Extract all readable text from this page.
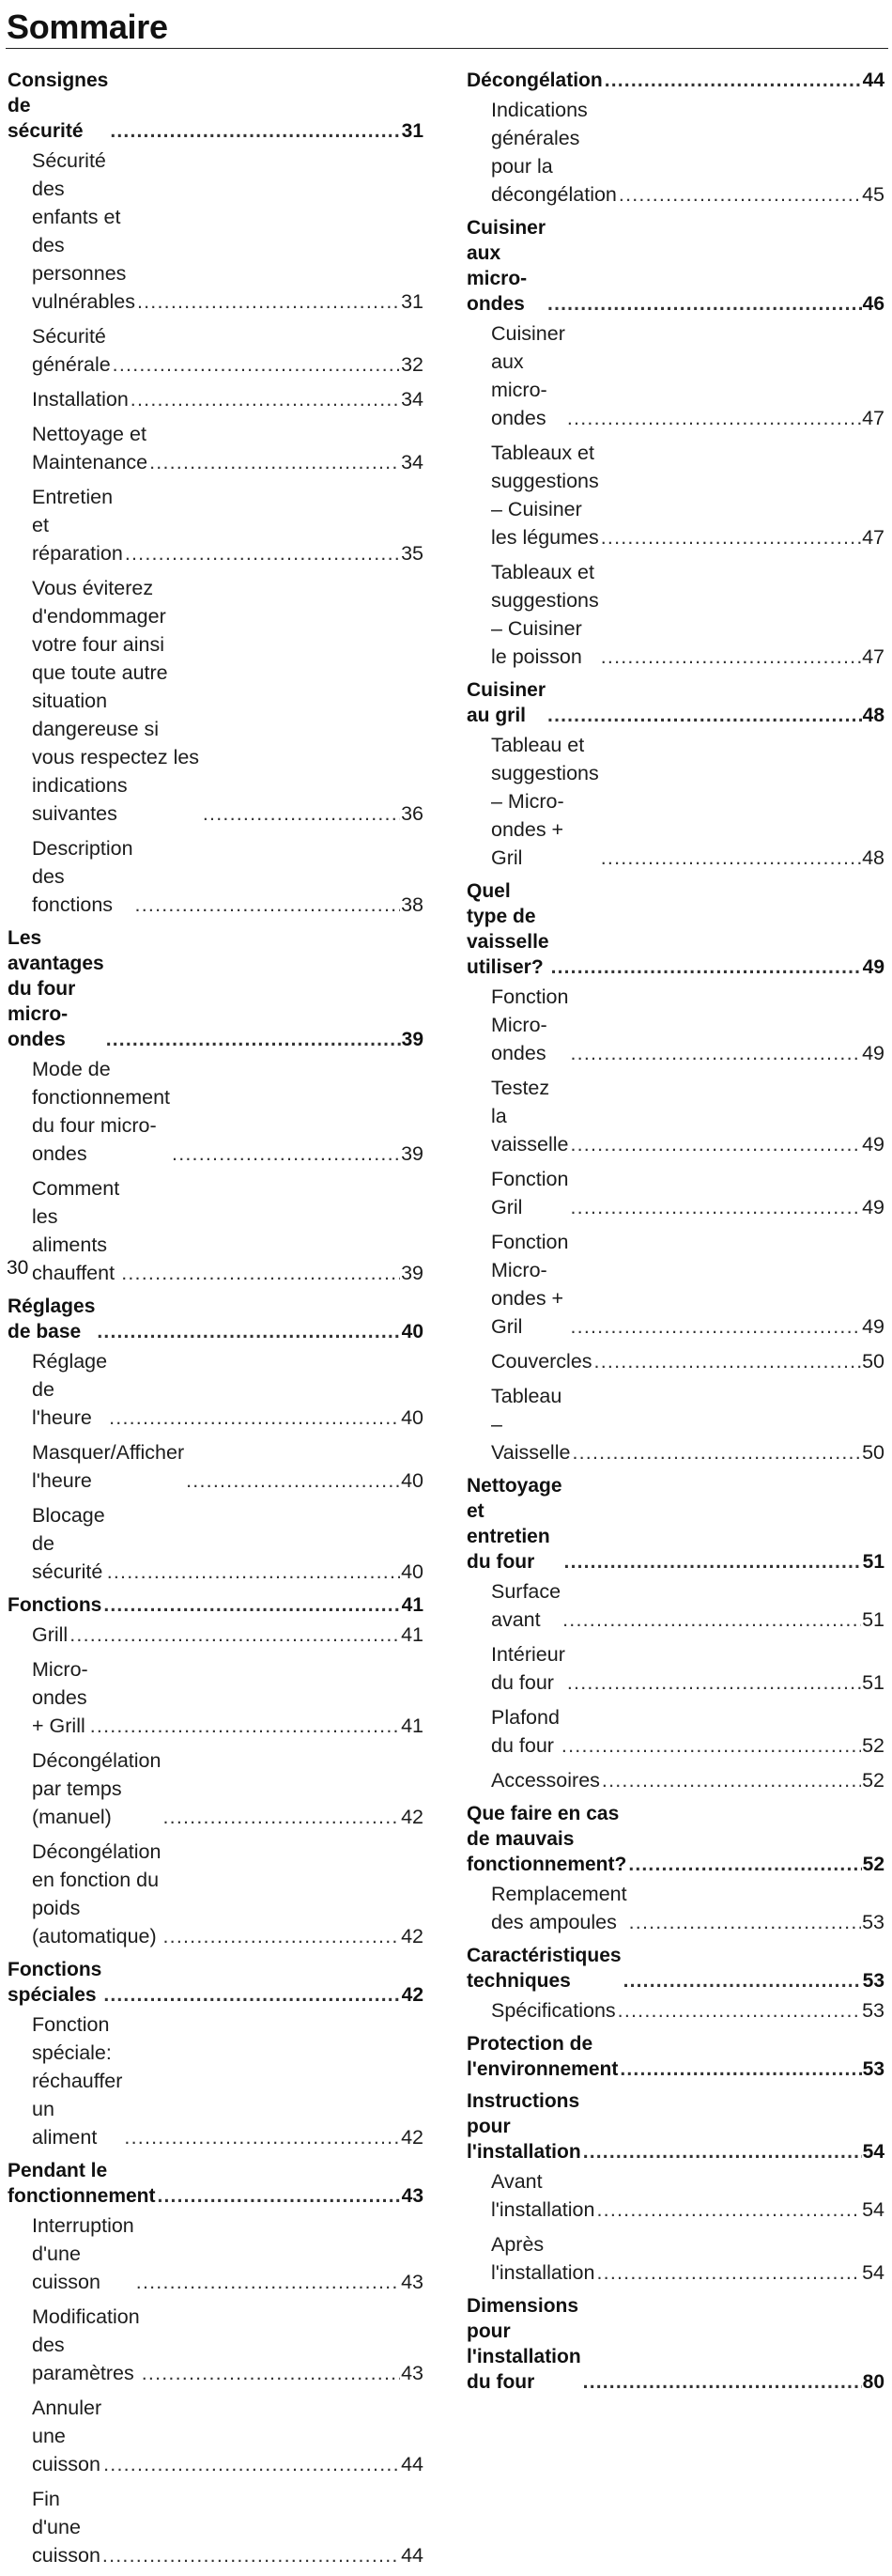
Sommaire
Consignes de sécurité .....	31
Sécurité des enfants et des personnes vulnérables .....	31
Sécurité générale .....	32
Installation .....	34
Nettoyage et Maintenance .....	34
Entretien et réparation .....	35
Vous éviterez d'endommager votre four ainsi que toute autre situation dangereuse si vous respectez les indications suivantes .....	36
Description des fonctions .....	38
Les avantages du four micro-ondes .....	39
Mode de fonctionnement du four micro-ondes .....	39
Comment les aliments chauffent .....	39
Réglages de base .....	40
Réglage de l'heure .....	40
Masquer/Afficher l'heure .....	40
Blocage de sécurité .....	40
Fonctions .....	41
Grill .....	41
Micro-ondes + Grill .....	41
Décongélation par temps (manuel) .....	42
Décongélation en fonction du poids (automatique) .....	42
Fonctions spéciales .....	42
Fonction spéciale: réchauffer un aliment .....	42
Pendant le fonctionnement .....	43
Interruption d'une cuisson .....	43
Modification des paramètres .....	43
Annuler une cuisson .....	44
Fin d'une cuisson .....	44
Décongélation .....	44
Indications générales pour la décongélation .....	45
Cuisiner aux micro-ondes .....	46
Cuisiner aux micro-ondes .....	47
Tableaux et suggestions – Cuisiner les légumes .....	47
Tableaux et suggestions – Cuisiner le poisson .....	47
Cuisiner au gril .....	48
Tableau et suggestions – Micro-ondes + Gril .....	48
Quel type de vaisselle utiliser? .....	49
Fonction Micro-ondes .....	49
Testez la vaisselle .....	49
Fonction Gril .....	49
Fonction Micro-ondes + Gril .....	49
Couvercles .....	50
Tableau – Vaisselle .....	50
Nettoyage et entretien du four .....	51
Surface avant .....	51
Intérieur du four .....	51
Plafond du four .....	52
Accessoires .....	52
Que faire en cas de mauvais fonctionnement? .....	52
Remplacement des ampoules .....	53
Caractéristiques techniques .....	53
Spécifications .....	53
Protection de l'environnement .....	53
Instructions pour l'installation .....	54
Avant l'installation .....	54
Après l'installation .....	54
Dimensions pour l'installation du four .....	80
30
